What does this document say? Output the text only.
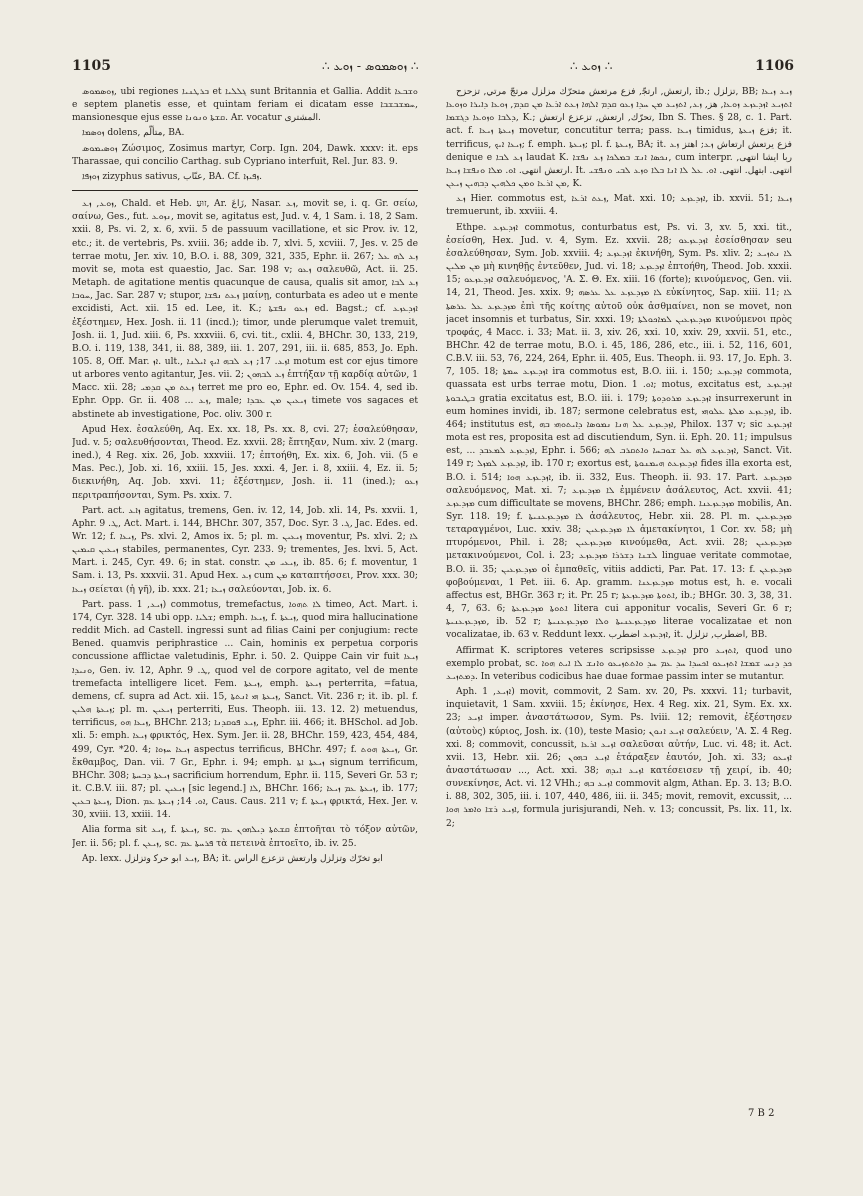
1105	∴ ܙܘܣܡܘܣ - ܙܘܥ ∴	∴ ܙܘܥ ∴	1106

ܙܘܣܡܘܣ, ubi regiones ܒܪܛܢܝܐ et ܓܠܠܝܐ sunt Britannia et Gallia. Addit ܘܫܒܥܐ e septem planetis esse, et quintam feriam ei dicatam esse ܚܡܫܒܫܒܐ, mansionesque ejus esse ܩܫܬܐ ܘܢܘܢܐ. Ar. vocatur ﺍﻟﻤﺸﺘﺮﻯ.

ܙܘܣܡܐ dolens, ﻣﺘﺄﻟّﻢ, BA.

ܙܘܣܝܡܘܣ Ζώσιμος, Zosimus martyr, Corp. Ign. 204, Dawk. xxxv: it. eps Tharassae, qui concilio Carthag. sub Cypriano interfuit, Rel. Jur. 83. 9.

ܙܘܙܦܐ zizyphus sativus, ﻋﻨّﺎﺏ, BA. Cf. ܙܦܝܙܐ.

ܙܘܥ, ܙܥ, Chald. et Heb. זוּעַ, Ar. زَاعَ, Nasar. ܙܥ, movit se, i. q. Gr. σείω, σαίνω, Ges., fut. ܢܙܘܥ, movit se, agitatus est, Jud. v. 4, 1 Sam. i. 18, 2 Sam. xxii. 8, Ps. vi. 2, x. 6, xvii. 5 de passuum vacillatione, et sic Prov. iv. 12, etc.; it. de vertebris, Ps. xviii. 36; adde ib. 7, xlvi. 5, xcviii. 7, Jes. v. 25 de terrae motu, Jer. xiv. 10, B.O. i. 88, 309, 321, 335, Ephr. ii. 267; ܙܥ ܠܗ ܥܠ movit se, mota est quaestio, Jac. Sar. 198 v; ܙܥܘ σαλευθῶ, Act. ii. 25. Metaph. de agitatione mentis quacunque de causa, qualis sit amor, ܙܥ ܠܒܐ ܚܘܒܐ, Jac. Sar. 287 v; stupor, ܙܥܬ ܢܦܫܐ μαίνῃ, conturbata es adeo ut e mente excidisti, Act. xii. 15 ed. Lee, it. K.; ܙܥܘ ܢܦܫܬܐ ed. Bagst.; cf. ܐܙܕܥܙܥ ἐξέστημεν, Hex. Josh. ii. 11 (incd.); timor, unde plerumque valet tremuit, Josh. ii. 1, Jud. xiii. 6, Ps. xxxviii. 6, cvi. tit., cxlii. 4, BHChr. 30, 133, 219, B.O. i. 119, 138, 341, ii. 88, 389, iii. 1. 207, 291, iii. ii. 685, 853, Jo. Eph. 105. 8, Off. Mar. ܐܙ. ult., ܐܙܥ. 17; ܙܥ ܠܒܗ ܐܝܟ ܐܝܠܢܐ motum est cor ejus timore ut arbores vento agitantur, Jes. vii. 2; ܙܥ ܠܒܗܘܢ ἐπτήξαν τῇ καρδίᾳ αὐτῶν, 1 Macc. xii. 28; ܙܥܬ ܡܢ ܩܕܡܝ terret me pro eo, Ephr. ed. Ov. 154. 4, sed ib. Ephr. Opp. Gr. ii. 408 ... ܙܥ, male; ܙܝܥܝܢ ܡܢ ܥܒܕܐ timete vos sagaces et abstinete ab investigatione, Poc. oliv. 300 r.

Apud Hex. ἐσαλεύθη, Aq. Ex. xx. 18, Ps. xx. 8, cvi. 27; ἐσαλεύθησαν, Jud. v. 5; σαλευθήσονται, Theod. Ez. xxvii. 28; ἔπτηξαν, Num. xiv. 2 (marg. ined.), 4 Reg. xix. 26, Job. xxxviii. 17; ἐπτοήθη, Ex. xix. 6, Joh. vii. (5 e Mas. Pec.), Job. xi. 16, xxiii. 15, Jes. xxxi. 4, Jer. i. 8, xxiii. 4, Ez. ii. 5; διεκινήθη, Aq. Job. xxvi. 11; ἐξέστημεν, Josh. ii. 11 (ined.); ܙܥܘ περιτραπήσονται, Sym. Ps. xxix. 7.

Part. act. ܙܐܥ agitatus, tremens, Gen. iv. 12, 14, Job. xli. 14, Ps. xxvii. 1, Aphr. ܛ. 9, Act. Mart. i. 144, BHChr. 307, 357, Doc. Syr. ܓ. 3, Jac. Edes. ed. Wr. 12; f. ܙܝܥܐ, Ps. xlvi. 2, Amos ix. 5; pl. m. ܙܝܥܝܢ moventur, Ps. xlvi. 2; ܠܐ ܙܝܥܝܢ ܩܝܡܝܢ stabiles, permanentes, Cyr. 233. 9; trementes, Jes. lxvi. 5, Act. Mart. i. 245, Cyr. 49. 6; in stat. constr. ܙܝܥܝ ܡܢ, ib. 85. 6; f. moventur, 1 Sam. i. 13, Ps. xxxvii. 31. Apud Hex. ܙܥ cum ܡܢ καταπτήσσει, Prov. xxx. 30; ܙܝܥܐ σείεται (ἡ γῆ), ib. xxx. 21; ܙܝܥܐ σαλεύονται, Job. ix. 6.

Part. pass. ܙܝܥ, 1) commotus, tremefactus, ܠܐ ܬܗܘܐ timeo, Act. Mart. i. 174, Cyr. 328. 14 ubi opp. ܫܠܝܐ; emph. ܙܝܥܐ, f. ܙܝܥܬܐ, quod mira hallucinatione reddit Mich. ad Castell. ingressi sunt ad filias Caini per conjugium: recte Bened. quamvis periphrastice ... Cain, hominis ex perpetua corporis concussione afflictae valetudinis, Ephr. i. 50. 2. Quippe Cain vir fuit ܙܝܥܐ ܘܢܝܕܐ, Gen. iv. 12, Aphr. ܛ. 9, quod vel de corpore agitato, vel de mente tremefacta intelligere licet. Fem. ܙܝܥܬܐ, emph. ܙܝܥܬܐ perterrita, =fatua, demens, cf. supra ad Act. xii. 15, ܙܝܥܬܐ ܗܝ ܐܢܬܬܐ, Sanct. Vit. 236 r; it. ib. pl. f. ܙܝܥܬܐ ܗܠܝܢ; pl. m. ܙܝܥܝܢ perterriti, Eus. Theoph. iii. 13. 12. 2) metuendus, terrificus, ܙܝܥܐ ܗܘ, BHChr. 213; ܙܝܥ ܦܘܩܕܢܐ, Ephr. iii. 466; it. BHSchol. ad Job. xli. 5: emph. ܙܝܥܐ φρικτός, Hex. Sym. Jer. ii. 28, BHChr. 159, 423, 454, 484, 499, Cyr. *20. 4; ܙܝܥܐ ܚܙܘܐ aspectus terrificus, BHChr. 497; f. ܙܝܥܬܐ ܗܘܬ, Gr. ἔκθαμβος, Dan. vii. 7 Gr., Ephr. i. 94; emph. ܙܝܥܬܐ ܐܬܐ signum terrificum, BHChr. 308; ܙܝܥܬܐ ܕܒܚܬܐ sacrificium horrendum, Ephr. ii. 115, Severi Gr. 53 r; it. C.B.V. iii. 87; pl. ܙܝܥܝܢ [sic legend.] ܠܐ, BHChr. 166; ܙܝܥܬܐ ܥܡ ܙܝܥܐ, ib. 177; ܙܝܥܬܐ ܒܥܝܢ, Dion. ܐܘ. 14; ܙܝܥܬܐ ܥܡ, Caus. Caus. 211 v; f. ܙܝܥܬܐ φρικτά, Hex. Jer. v. 30, xviii. 13, xxiii. 14.

Alia forma sit ܙܝܥ, f. ܙܝܥܬܐ, sc. ܩܫܬܬܐ ܕܝܠܗܘܢ ܥܡ ἐπτοῆται τὸ τόξον αὐτῶν, Jer. ii. 56; pl. f. ܙܝܥܢ, sc. ܦܪܚܬܐ ܥܡ τὰ πετεινὰ ἐπτοεῖτο, ib. iv. 25.

Ap. lexx. ܙܝܥ ﺍﺑﻮ ﺣﺮﻛ ﻭﺗﺰﻟﺰﻝ, BA; it. ﺍﺑﻮ ﺗﺨﺮّﻙ ﻭﺗﺰﻟﺰﻝ ﻭﺍﺭﺗﻌﺶ ﺗﺰﻋﺰﻉ ﺍﻟﺮﺍﺱ

ﺍﺭﺗﻌﺶ, ﺍﺭﺗﺠّ, ﻓﺰﻉ ﻣﺮﺗﻌﺶ ﻣﺘﺤﺮّﻙ ﻣﺰﻟﺰﻝ ﻣﺮﺗﺞّ ﻣﺮﺗﻲ, ﺗﺰﺣﺰﺡ, ib.; ﺗﺰﻟﺰﻝ, BB; ܙܝܥ ܙܝܥܐ ܐܬܙܝܥ ܐܙܕܥܙܥ ܙܘܥܐ, ﻫﺰ, ܙܥ, ܐܬܙܝܥ ܡܢ ܚܕܐ ܙܥܘ ܩܕܡ ܐܠܗܐ ܙܥܬ ܐܪܥܐ ܡܢ ܩܕܡ, ܙܘܥܐ ܕܐܝܪܐ ܘܙܘܥܐ ܕܠܒܐ ܘܙܘܥܐ ܕܓܫܡܐ, K.; ﺗﺤﺮّﻙ, ﺍﺭﺗﻌﺶ, ﺗﺰﻋﺰﻉ ﺍﺭﺗﻌﺶ, Ibn S. Thes. § 28, c. 1. Part. act. f. ܙܝܥܬܐ ܙܝܥܐ movetur, concutitur terra; pass. ܙܝܥܐ timidus, ﻓﺰﻉ ܙܝܥܬܐ; it. terrificus, ܙܝܥܐ ܐܝܟ; f. emph. ܙܝܥܬܐ; pl. f. ܙܝܥܬܐ, BA; it. ﻓﺰﻉ ﻳﺮﺗﻌﺶ ﺍﺭﺗﻌﺎﺵ ܙܥ; ﺍﻫﺘﺰ ܙܥ denique e ܙܥ ܠܒܐ laudat K. ܢܟܣܐ ܐܢܫ ܒܡܠܟܐ ܙܥ ܢܦܫܐ, cum interpr. ﺭﺑﺎ ﺍﻳﺸﺎ ﺍﻧﺘﻬﻰ, ﺍﺭﺗﻌﺶ ﺍﻧﺘﻬﻰ. ܐܘ. ܡܠܐ ܘܢܦܫܐ ܙܝܥܐ. It. ﺍﻧﺘﻬﻰ. ﺍﺑﺘﻬﻞ. ﺍﻧﺘﻬﻰ. ܐܘ. ܥܠ ܠܐ ܐܢܐ ܒܠܐ ܘܙܥ ܠܒܝ ܘܢܦܫܝ ܡܢ ܐܪܥܐ ܘܡܢ ܟܠܗܝܢ ܕܒܗܝܢ ܙܝܥܢ, K.

ܙܥ Hier. commotus est, ܙܥܬ ܐܪܥܐ, Mat. xxi. 10; ܐܙܕܥܙܥ, ib. xxvii. 51; ܙܝܥܐ tremuerunt, ib. xxviii. 4.

Ethpe. ܐܙܕܥܙܥ commotus, conturbatus est, Ps. vi. 3, xv. 5, xxi. tit., ἐσείσθη, Hex. Jud. v. 4, Sym. Ez. xxvii. 28; ܐܙܕܥܙܥܘ ἐσείσθησαν seu ἐσαλεύθησαν, Sym. Job. xxviii. 4; ܐܙܕܥܙܥ ἐκινήθη, Sym. Ps. xliv. 2; ܠܐ ܢܬܙܝܥ ܡܢ ܡܠܝܢ μὴ κινηθῇς ἐντεῦθεν, Jud. vi. 18; ܐܙܕܥܙܥ ἐπτοήθη, Theod. Job. xxxii. 15; ܐܙܕܥܙܥܘ σαλευόμενος, 'A. Σ. Θ. Ex. xiii. 16 (forte); κινούμενος, Gen. vii. 14, 21, Theod. Jes. xxix. 9; ܠܐ ܡܙܕܥܙܥ ܥܠ ܥܪܣܗ εὐκίνητος, Sap. xiii. 11; ܠܐ ܡܙܕܥܙܥ ܥܠ ܥܪܣܬܐ ἐπὶ τῆς κοίτης αὐτοῦ οὐκ ἀσθμαίνει, non se movet, non jacet insomnis et turbatus, Sir. xxxi. 19; ܡܙܕܥܙܥܝܢ ܠܡܐܟܘܠܬܐ κινούμενοι πρὸς τροφάς, 4 Macc. i. 33; Mat. ii. 3, xiv. 26, xxi. 10, xxiv. 29, xxvii. 51, etc., BHChr. 42 de terrae motu, B.O. i. 45, 186, 286, etc., iii. i. 52, 116, 601, C.B.V. iii. 53, 76, 224, 264, Ephr. ii. 405, Eus. Theoph. ii. 93. 17, Jo. Eph. 3. 7, 105. 18; ܐܙܕܥܙܥ ܚܡܬܐ ira commotus est, B.O. iii. i. 150; ܐܙܕܥܙܥ commota, quassata est urbs terrae motu, Dion. ܐܘ. 1; motus, excitatus est, ܐܙܕܥܙܥ ܒܛܝܒܘܬܐ gratia excitatus est, B.O. iii. i. 179; ܐܙܕܥܙܥ ܡܪܘܕܘܬܐ insurrexerunt in eum homines invidi, ib. 187; sermone celebratus est, ܐܙܕܥܙܥ ܡܠܬܐ ܥܠܘܗܝ, ib. 464; institutus est, ܐܙܕܥܙܥ ܥܠ ܗܢܐ ܢܡܘܣܐ ܕܐܝܬܘܗܝ ܒܗ, Philox. 137 v; sic ܐܙܕܥܙܥ mota est res, proposita est ad discutiendum, Syn. ii. Eph. 20. 11; impulsus est, ... ܐܙܕܥܙܥ ܠܡܥܒܕ, Ephr. i. 566; ܐܙܕܥܙܥ ܠܗ ܥܠ ܫܘܒܚܐ ܘܐܬܩܪܒ ܠܗ, Sanct. Vit. 149 r; ܐܙܕܥܙܥ ܠܡܙܠ, ib. 170 r; exortus est, ܐܙܕܥܙܥܬ ܗܝܡܢܘܬܐ fides illa exorta est, B.O. i. 514; ܐܙܕܥܙܥ ܗܘܐ, ib. ii. 332, Eus. Theoph. ii. 93. 17. Part. ܡܙܕܥܙܥ σαλευόμενος, Mat. xi. 7; ܠܐ ܡܙܕܥܙܥ ἐμμένειν ἀσάλευτος, Act. xxvii. 41; ܡܙܕܥܙܥ cum difficultate se movens, BHChr. 286; emph. ܡܙܕܥܙܥܢܐ mobilis, An. Syr. 118. 19; f. ܠܐ ܡܙܕܥܙܥܢܝܬܐ ἀσάλευτος, Hebr. xii. 28. Pl. m. ܡܙܕܥܙܥܝܢ τεταραγμένοι, Luc. xxiv. 38; ܠܐ ܡܙܕܥܙܥܝܢ ἀμετακίνητοι, 1 Cor. xv. 58; μὴ πτυρόμενοι, Phil. i. 28; ܡܙܕܥܙܥܝܢ κινούμεθα, Act. xvii. 28; ܡܙܕܥܙܥܝܢ μετακινούμενοι, Col. i. 23; ܠܫܢܐ ܕܫܪܪܐ ܡܙܕܥܙܥ linguae veritate commotae, B.O. ii. 35; ܡܙܕܥܙܥܝܢ οἱ ἐμπαθεῖς, vitiis addicti, Par. Pat. 17. 13: f. ܡܙܕܥܙܥܢ φοβούμεναι, 1 Pet. iii. 6. Ap. gramm. ܡܙܕܥܙܥܢܐ motus est, h. e. vocali affectus est, BHGr. 363 r; it. Pr. 25 r; ܐܬܘܬܐ ܡܙܕܥܙܥܬܐ, ib.; BHGr. 30. 3, 38, 31. 4, 7, 63. 6; ܐܬܘܬܐ ܡܙܕܥܙܥܬܐ litera cui apponitur vocalis, Severi Gr. 6 r; ܡܙܕܥܙܥܢܝܬܐ, ib. 52 r; ܡܙܕܥܙܥܢܝܬܐ ܘܠܐ ܡܙܕܥܙܥܢܝܬܐ literae vocalizatae et non vocalizatae, ib. 63 v. Reddunt lexx. ܐܙܕܥܙܥ ﺍﺿﻄﺮﺏ, it. ﺍﺿﻄﺮﺏ, ﺗﺰﻟﺰﻝ, BB.

Affirmat K. scriptores veteres scripsisse ܐܙܕܥܙܥ pro ܐܬܙܝܥ, quod uno exemplo probat, sc. ܟܕ ܕܢܚ ܫܡܫܐ ܐܬܙܝܥܘ ܐܟܚܕܐ ܚܕ ܥܡ ܚܕ ܘܐܬܬܙܝܥܘ ܘܐܢܫ ܠܐ ܐܝܬ ܗܘܐ ܕܡܬܙܝܥ. In veteribus codicibus hae duae formae passim inter se mutantur.

Aph. ܐܙܝܥ, 1) movit, commovit, 2 Sam. xv. 20, Ps. xxxvi. 11; turbavit, inquietavit, 1 Sam. xxviii. 15; ἐκίνησε, Hex. 4 Reg. xix. 21, Sym. Ex. xx. 23; ܐܙܝܥ imper. ἀναστάτωσον, Sym. Ps. lviii. 12; removit, ἐξέστησεν (αὐτοὺς) κύριος, Josh. ix. (10), teste Masio; ܐܙܝܥ ܐܢܘܢ σαλεύειν, 'A. Σ. 4 Reg. xxi. 8; commovit, concussit, ܐܙܝܥ ܐܪܥܐ σαλεῦσαι αὐτήν, Luc. vi. 48; it. Act. xvii. 13, Hebr. xii. 26; ܐܙܝܥ ܒܗܘܢ ἐτάραξεν ἑαυτόν, Joh. xi. 33; ܐܙܝܥܘ ἀναστάτωσαν ..., Act. xxi. 38; ܐܙܝܥ ܐܝܕܗ κατέσεισεν τῇ χειρί, ib. 40; συνεκίνησε, Act. vi. 12 VHh.; ܐܙܝܥ ܒܗ commovit algm, Athan. Ep. 3. 13; B.O. i. 88, 302, 305, iii. i. 107, 440, 486, iii. ii. 345; movit, removit, excussit, ... ܐܙܝܥ ܪܫܐ ܘܐܡܪ ܗܘܐ, formula jurisjurandi, Neh. v. 13; concussit, Ps. lix. 11, lx. 2;

7 B 2
